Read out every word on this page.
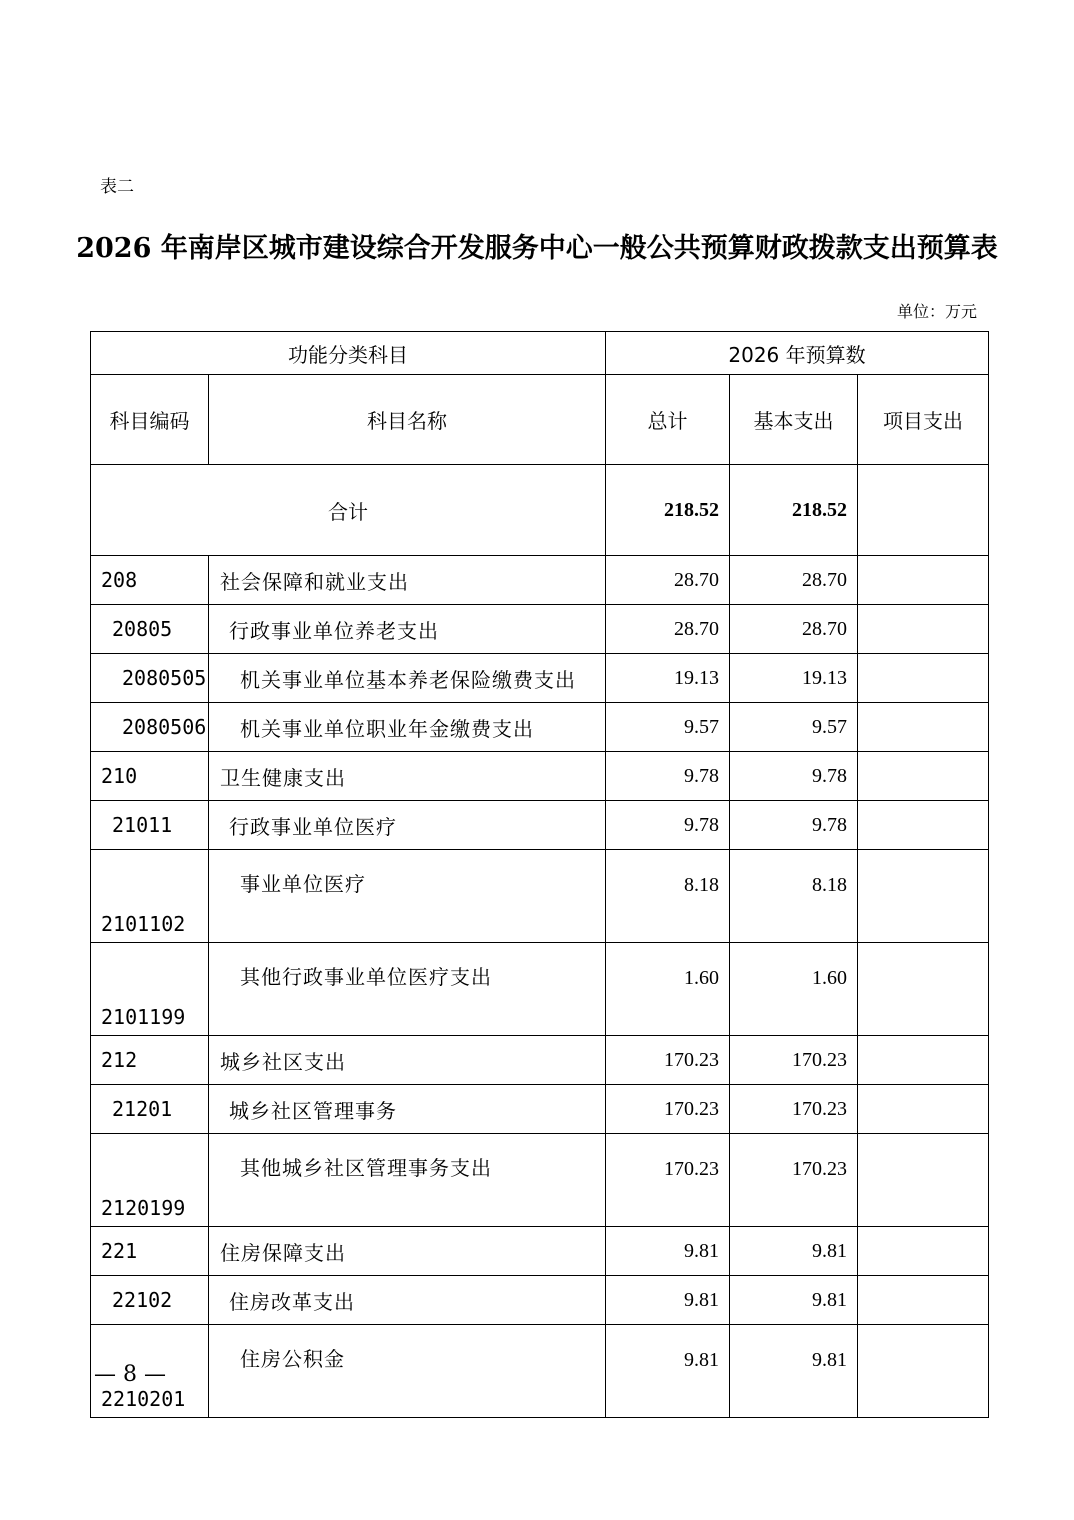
表二
2026 年南岸区城市建设综合开发服务中心一般公共预算财政拨款支出预算表
单位：万元
功能分类科目		2026 年预算数		
科目编码	科目名称	总计	基本支出	项目支出
合计		218.52	218.52	
208	社会保障和就业支出	28.70	28.70	
20805	行政事业单位养老支出	28.70	28.70	
2080505	机关事业单位基本养老保险缴费支出	19.13	19.13	
2080506	机关事业单位职业年金缴费支出	9.57	9.57	
210	卫生健康支出	9.78	9.78	
21011	行政事业单位医疗	9.78	9.78	
2101102	事业单位医疗	8.18	8.18	
2101199	其他行政事业单位医疗支出	1.60	1.60	
212	城乡社区支出	170.23	170.23	
21201	城乡社区管理事务	170.23	170.23	
2120199	其他城乡社区管理事务支出	170.23	170.23	
221	住房保障支出	9.81	9.81	
22102	住房改革支出	9.81	9.81	
2210201	住房公积金	9.81	9.81	
— 8 —
